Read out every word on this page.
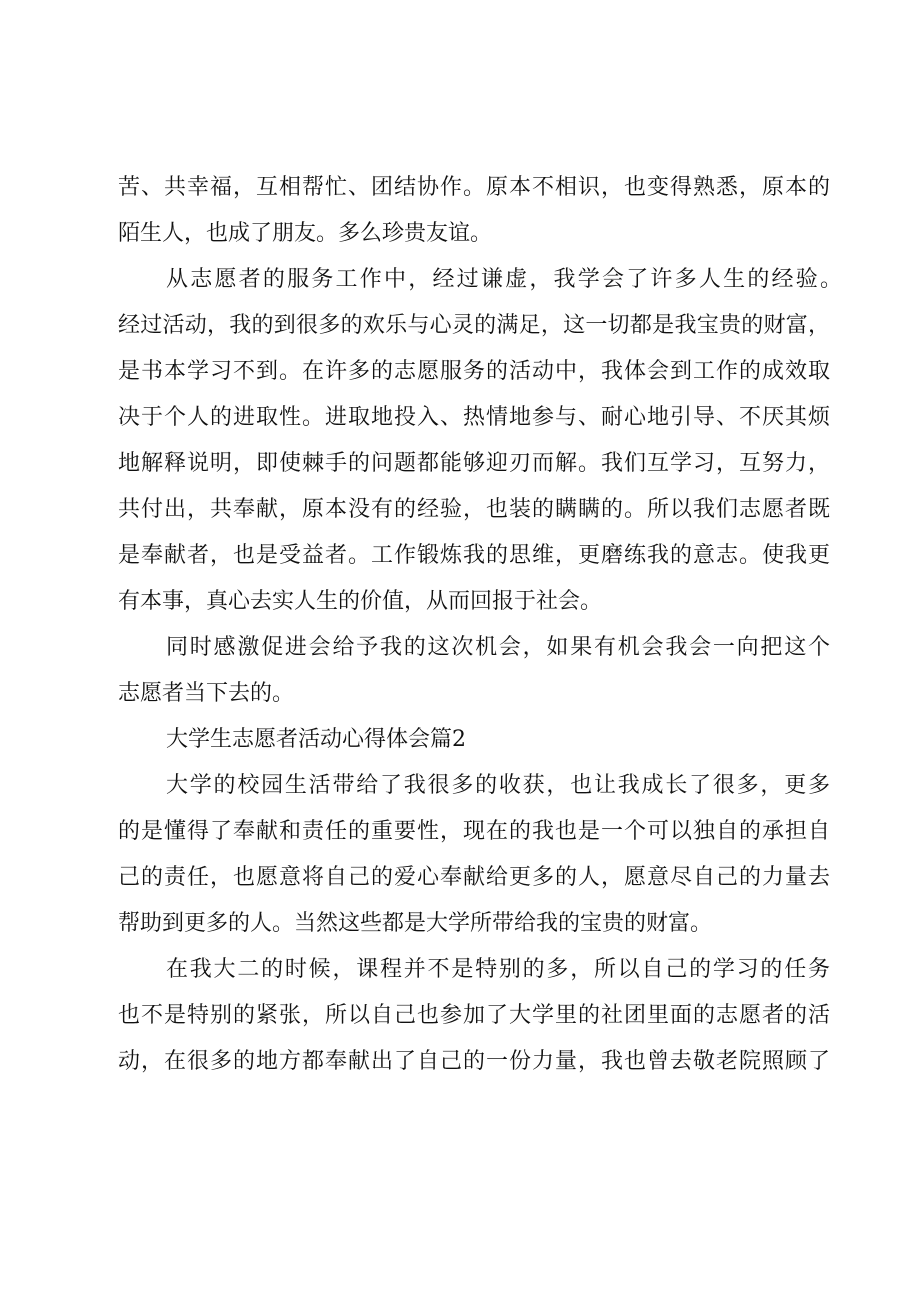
苦、共幸福，互相帮忙、团结协作。原本不相识，也变得熟悉，原本的
陌生人，也成了朋友。多么珍贵友谊。
从志愿者的服务工作中，经过谦虚，我学会了许多人生的经验。
经过活动，我的到很多的欢乐与心灵的满足，这一切都是我宝贵的财富，
是书本学习不到。在许多的志愿服务的活动中，我体会到工作的成效取
决于个人的进取性。进取地投入、热情地参与、耐心地引导、不厌其烦
地解释说明，即使棘手的问题都能够迎刃而解。我们互学习，互努力，
共付出，共奉献，原本没有的经验，也装的瞒瞒的。所以我们志愿者既
是奉献者，也是受益者。工作锻炼我的思维，更磨练我的意志。使我更
有本事，真心去实人生的价值，从而回报于社会。
同时感激促进会给予我的这次机会，如果有机会我会一向把这个
志愿者当下去的。
大学生志愿者活动心得体会篇2
大学的校园生活带给了我很多的收获，也让我成长了很多，更多
的是懂得了奉献和责任的重要性，现在的我也是一个可以独自的承担自
己的责任，也愿意将自己的爱心奉献给更多的人，愿意尽自己的力量去
帮助到更多的人。当然这些都是大学所带给我的宝贵的财富。
在我大二的时候，课程并不是特别的多，所以自己的学习的任务
也不是特别的紧张，所以自己也参加了大学里的社团里面的志愿者的活
动，在很多的地方都奉献出了自己的一份力量，我也曾去敬老院照顾了
